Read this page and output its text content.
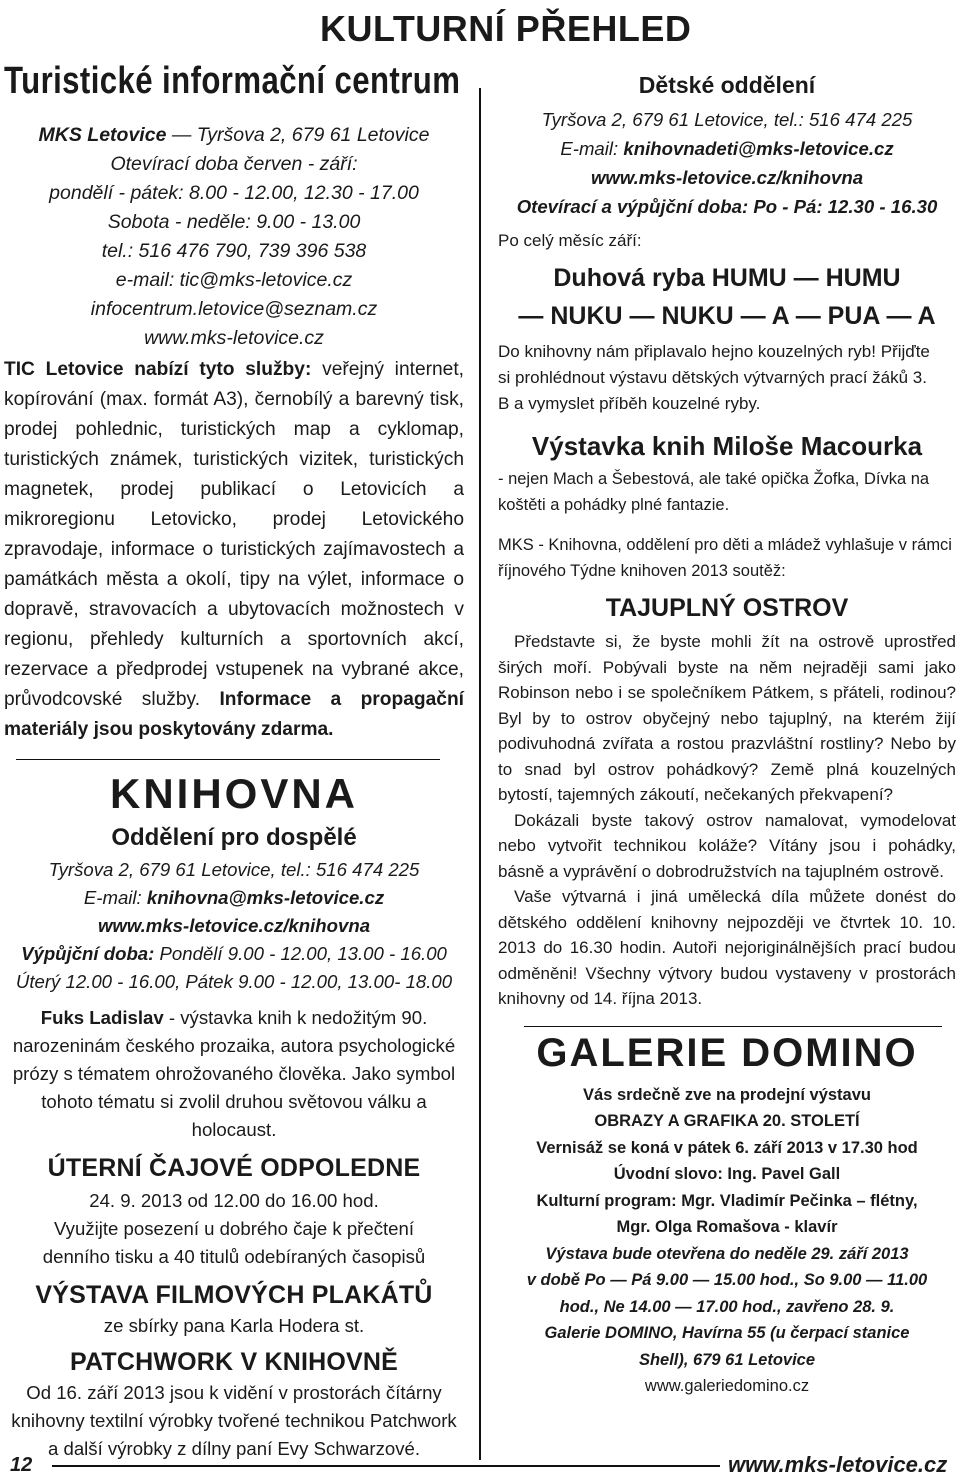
KULTURNÍ PŘEHLED
Turistické informační centrum
MKS Letovice — Tyršova 2, 679 61 Letovice
Otevírací doba červen - září:
pondělí - pátek: 8.00 - 12.00, 12.30 - 17.00
Sobota - neděle: 9.00 - 13.00
tel.: 516 476 790, 739 396 538
e-mail: tic@mks-letovice.cz
infocentrum.letovice@seznam.cz
www.mks-letovice.cz
TIC Letovice nabízí tyto služby: veřejný internet, kopírování (max. formát A3), černobílý a barevný tisk, prodej pohlednic, turistických map a cyklomap, turistických známek, turistických vizitek, turistických magnetek, prodej publikací o Letovicích a mikroregionu Letovicko, prodej Letovického zpravodaje, informace o turistických zajímavostech a památkách města a okolí, tipy na výlet, informace o dopravě, stravovacích a ubytovacích možnostech v regionu, přehledy kulturních a sportovních akcí, rezervace a předprodej vstupenek na vybrané akce, průvodcovské služby. Informace a propagační materiály jsou poskytovány zdarma.
KNIHOVNA
Oddělení pro dospělé
Tyršova 2, 679 61 Letovice, tel.: 516 474 225
E-mail: knihovna@mks-letovice.cz
www.mks-letovice.cz/knihovna
Výpůjční doba: Pondělí 9.00 - 12.00, 13.00 - 16.00
Úterý 12.00 - 16.00, Pátek 9.00 - 12.00, 13.00- 18.00
Fuks Ladislav - výstavka knih k nedožitým 90. narozeninám českého prozaika, autora psychologické prózy s tématem ohrožovaného člověka. Jako symbol tohoto tématu si zvolil druhou světovou válku a holocaust.
ÚTERNÍ ČAJOVÉ ODPOLEDNE
24. 9. 2013 od 12.00 do 16.00 hod.
Využijte posezení u dobrého čaje k přečtení denního tisku a 40 titulů odebíraných časopisů
VÝSTAVA FILMOVÝCH PLAKÁTŮ
ze sbírky pana Karla Hodera st.
PATCHWORK V KNIHOVNĚ
Od 16. září 2013 jsou k vidění v prostorách čítárny knihovny textilní výrobky tvořené technikou Patchwork a další výrobky z dílny paní Evy Schwarzové.
Dětské oddělení
Tyršova 2, 679 61 Letovice, tel.: 516 474 225
E-mail: knihovnadeti@mks-letovice.cz
www.mks-letovice.cz/knihovna
Otevírací a výpůjční doba: Po - Pá: 12.30 - 16.30
Po celý měsíc září:
Duhová ryba HUMU — HUMU
— NUKU — NUKU — A — PUA — A
Do knihovny nám připlavalo hejno kouzelných ryb! Přijďte si prohlédnout výstavu dětských výtvarných prací žáků 3. B a vymyslet příběh kouzelné ryby.
Výstavka knih Miloše Macourka
- nejen Mach a Šebestová, ale také opička Žofka, Dívka na koštěti a pohádky plné fantazie.
MKS - Knihovna, oddělení pro děti a mládež vyhlašuje v rámci říjnového Týdne knihoven 2013 soutěž:
TAJUPLNÝ OSTROV
Představte si, že byste mohli žít na ostrově uprostřed širých moří. Pobývali byste na něm nejraději sami jako Robinson nebo i se společníkem Pátkem, s přáteli, rodinou? Byl by to ostrov obyčejný nebo tajuplný, na kterém žijí podivuhodná zvířata a rostou prazvláštní rostliny? Nebo by to snad byl ostrov pohádkový? Země plná kouzelných bytostí, tajemných zákoutí, nečekaných překvapení?
Dokázali byste takový ostrov namalovat, vymodelovat nebo vytvořit technikou koláže? Vítány jsou i pohádky, básně a vyprávění o dobrodružstvích na tajuplném ostrově.
Vaše výtvarná i jiná umělecká díla můžete donést do dětského oddělení knihovny nejpozději ve čtvrtek 10. 10. 2013 do 16.30 hodin. Autoři nejoriginálnějších prací budou odměněni! Všechny výtvory budou vystaveny v prostorách knihovny od 14. října 2013.
GALERIE DOMINO
Vás srdečně zve na prodejní výstavu
OBRAZY A GRAFIKA 20. STOLETÍ
Vernisáž se koná v pátek 6. září 2013 v 17.30 hod
Úvodní slovo: Ing. Pavel Gall
Kulturní program: Mgr. Vladimír Pečinka – flétny,
Mgr. Olga Romašova - klavír
Výstava bude otevřena do neděle 29. září 2013
v době Po — Pá 9.00 — 15.00 hod., So 9.00 — 11.00
hod., Ne 14.00 — 17.00 hod., zavřeno 28. 9.
Galerie DOMINO, Havírna 55 (u čerpací stanice
Shell), 679 61 Letovice
www.galeriedomino.cz
12	www.mks-letovice.cz
